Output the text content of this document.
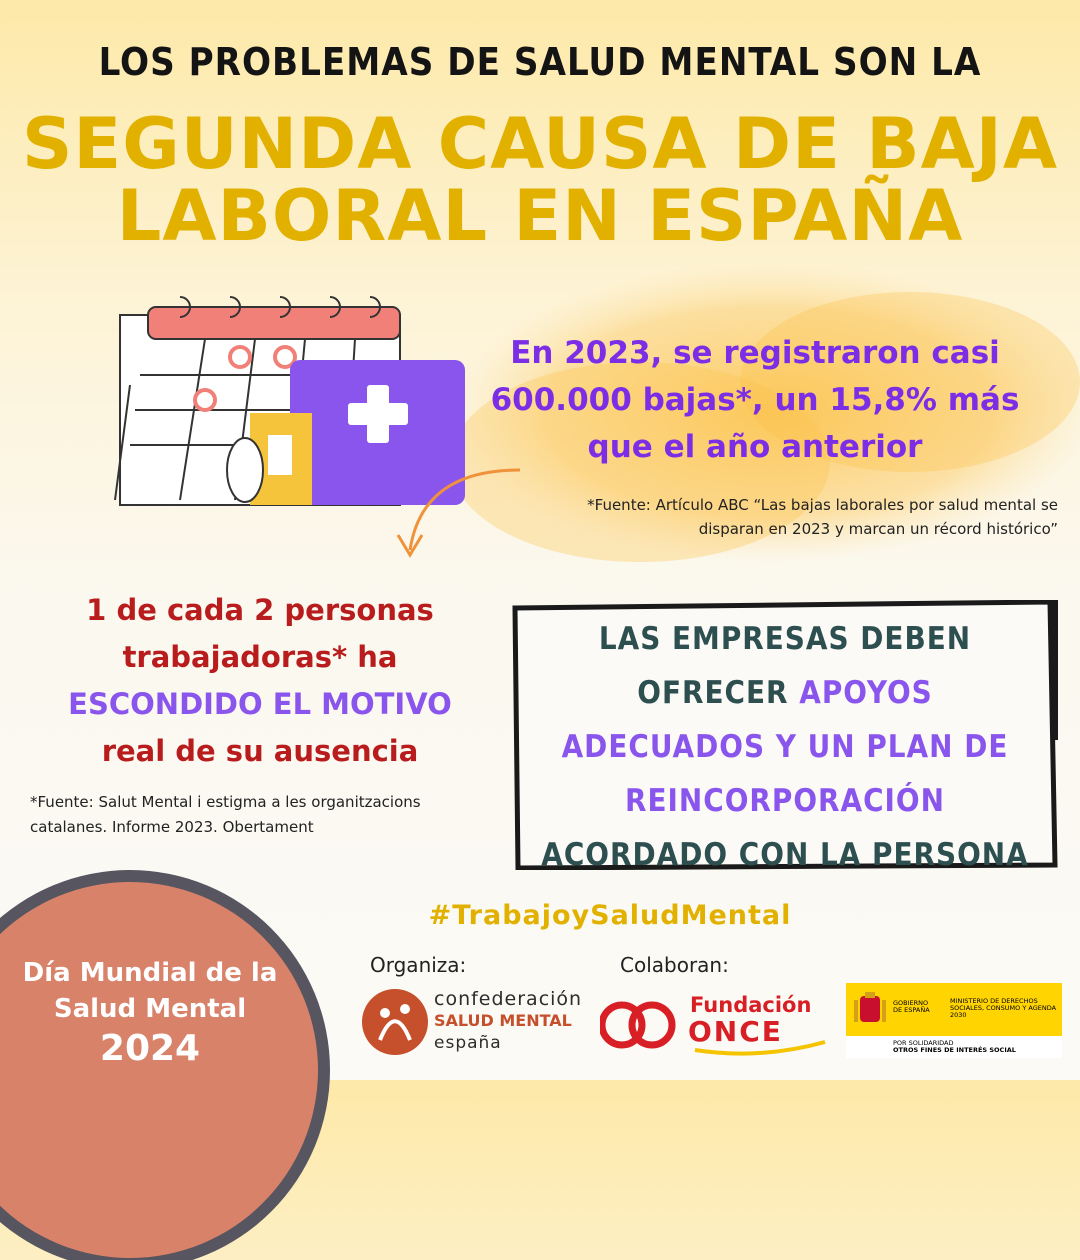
LOS PROBLEMAS DE SALUD MENTAL SON LA
SEGUNDA CAUSA DE BAJA
LABORAL EN ESPAÑA
En 2023, se registraron casi
600.000 bajas*, un 15,8% más
que el año anterior
*Fuente: Artículo ABC “Las bajas laborales por salud mental se
disparan en 2023 y marcan un récord histórico”
1 de cada 2 personas
trabajadoras* ha
ESCONDIDO EL MOTIVO
real de su ausencia
*Fuente: Salut Mental i estigma a les organitzacions
catalanes. Informe 2023. Obertament
LAS EMPRESAS DEBEN
OFRECER APOYOS
ADECUADOS Y UN PLAN DE
REINCORPORACIÓN
ACORDADO CON LA PERSONA
#TrabajoySaludMental
Día Mundial de la
Salud Mental
2024
Organiza:	Colaboran:
confederación
SALUD MENTAL
españa
Fundación
ONCE
GOBIERNO DE ESPAÑA
MINISTERIO DE DERECHOS SOCIALES, CONSUMO Y AGENDA 2030
POR SOLIDARIDAD
OTROS FINES DE INTERÉS SOCIAL
